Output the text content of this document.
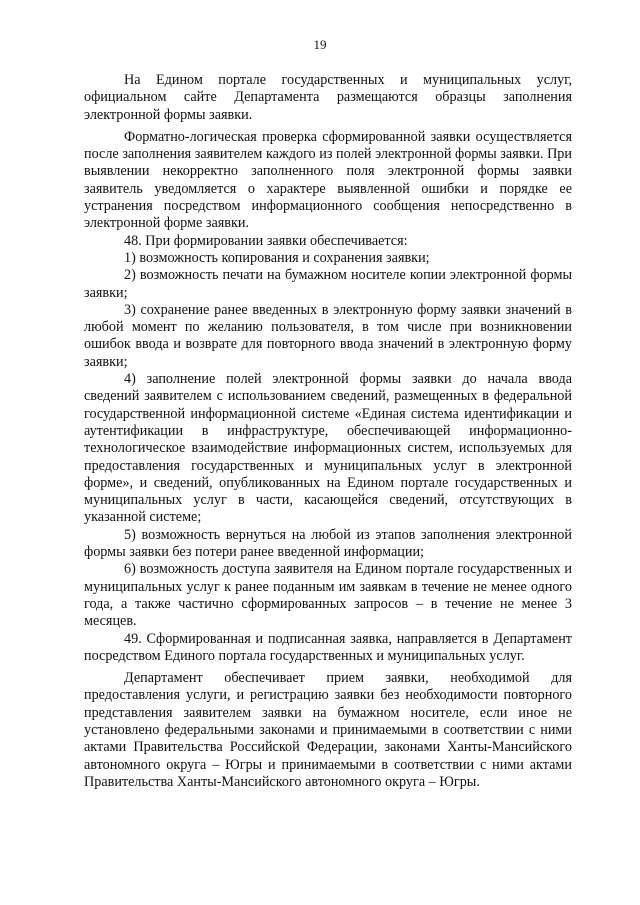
19

На Едином портале государственных и муниципальных услуг, официальном сайте Департамента размещаются образцы заполнения электронной формы заявки.

Форматно-логическая проверка сформированной заявки осуществляется после заполнения заявителем каждого из полей электронной формы заявки. При выявлении некорректно заполненного поля электронной формы заявки заявитель уведомляется о характере выявленной ошибки и порядке ее устранения посредством информационного сообщения непосредственно в электронной форме заявки.

48. При формировании заявки обеспечивается:

1) возможность копирования и сохранения заявки;

2) возможность печати на бумажном носителе копии электронной формы заявки;

3) сохранение ранее введенных в электронную форму заявки значений в любой момент по желанию пользователя, в том числе при возникновении ошибок ввода и возврате для повторного ввода значений в электронную форму заявки;

4) заполнение полей электронной формы заявки до начала ввода сведений заявителем с использованием сведений, размещенных в федеральной государственной информационной системе «Единая система идентификации и аутентификации в инфраструктуре, обеспечивающей информационно-технологическое взаимодействие информационных систем, используемых для предоставления государственных и муниципальных услуг в электронной форме», и сведений, опубликованных на Едином портале государственных и муниципальных услуг в части, касающейся сведений, отсутствующих в указанной системе;

5) возможность вернуться на любой из этапов заполнения электронной формы заявки без потери ранее введенной информации;

6) возможность доступа заявителя на Едином портале государственных и муниципальных услуг к ранее поданным им заявкам в течение не менее одного года, а также частично сформированных запросов – в течение не менее 3 месяцев.

49. Сформированная и подписанная заявка, направляется в Департамент посредством Единого портала государственных и муниципальных услуг.

Департамент обеспечивает прием заявки, необходимой для предоставления услуги, и регистрацию заявки без необходимости повторного представления заявителем заявки на бумажном носителе, если иное не установлено федеральными законами и принимаемыми в соответствии с ними актами Правительства Российской Федерации, законами Ханты-Мансийского автономного округа – Югры и принимаемыми в соответствии с ними актами Правительства Ханты-Мансийского автономного округа – Югры.
